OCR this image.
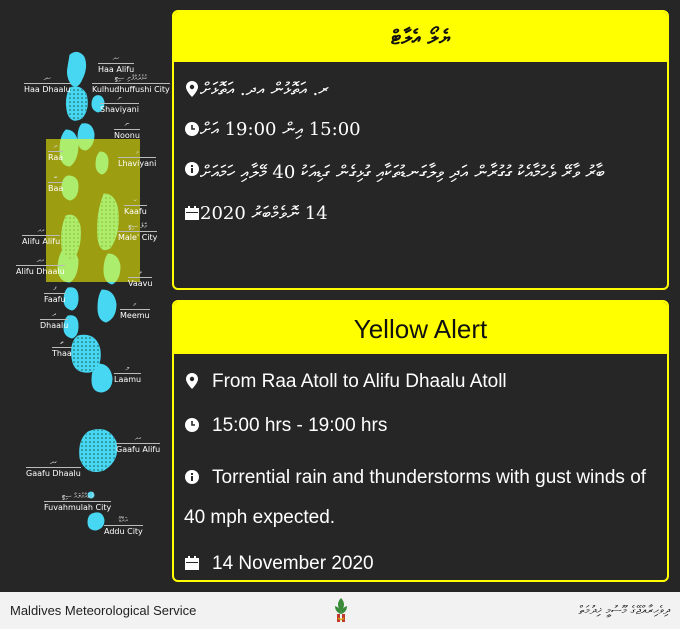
ހއ
Haa Alifu
ހދ
Haa Dhaalu
ކުޅުދުއްފުށި ސިޓީ
Kulhudhuffushi City
ށ
Shaviyani
ނ
Noonu
ރ
Raa
ޅ
Lhaviyani
ބ
Baa
ކ
Kaafu
މާލެ ސިޓީ
Male' City
އއ
Alifu Alifu
އދ
Alifu Dhaalu	ވ
Vaavu
ފ
Faafu	މ
Meemu
ދ
Dhaalu
ތ
Thaa
ލ
Laamu
ގއ
Gaafu Alifu
ގދ
Gaafu Dhaalu
ފުވައްމުލައް ސިޓީ
Fuvahmulah City
އައްޑޫ
Addu City
ޔެލޯ އެލާޓް
ރ. އަތޮޅުން އދ. އަތޮޅަށް
15:00 އިން 19:00 އަށް
ބާރު ވާރޭ ވެހުމާއެކު ގުގުރާން އަދި ވިލާގަނޑުތަކާއި ގުޅިގެން ގަޑިއަކު 40 މޭލާއި ހަމައަށް
14 ނޮވެމްބަރު 2020
Yellow Alert
From Raa Atoll to Alifu Dhaalu Atoll
15:00 hrs - 19:00 hrs
Torrential rain and thunderstorms with gust winds of 40 mph expected.
14 November 2020
Maldives Meteorological Service	ދިވެހިރާއްޖޭގެ މޫސުމީ ޚިދުމަތް
